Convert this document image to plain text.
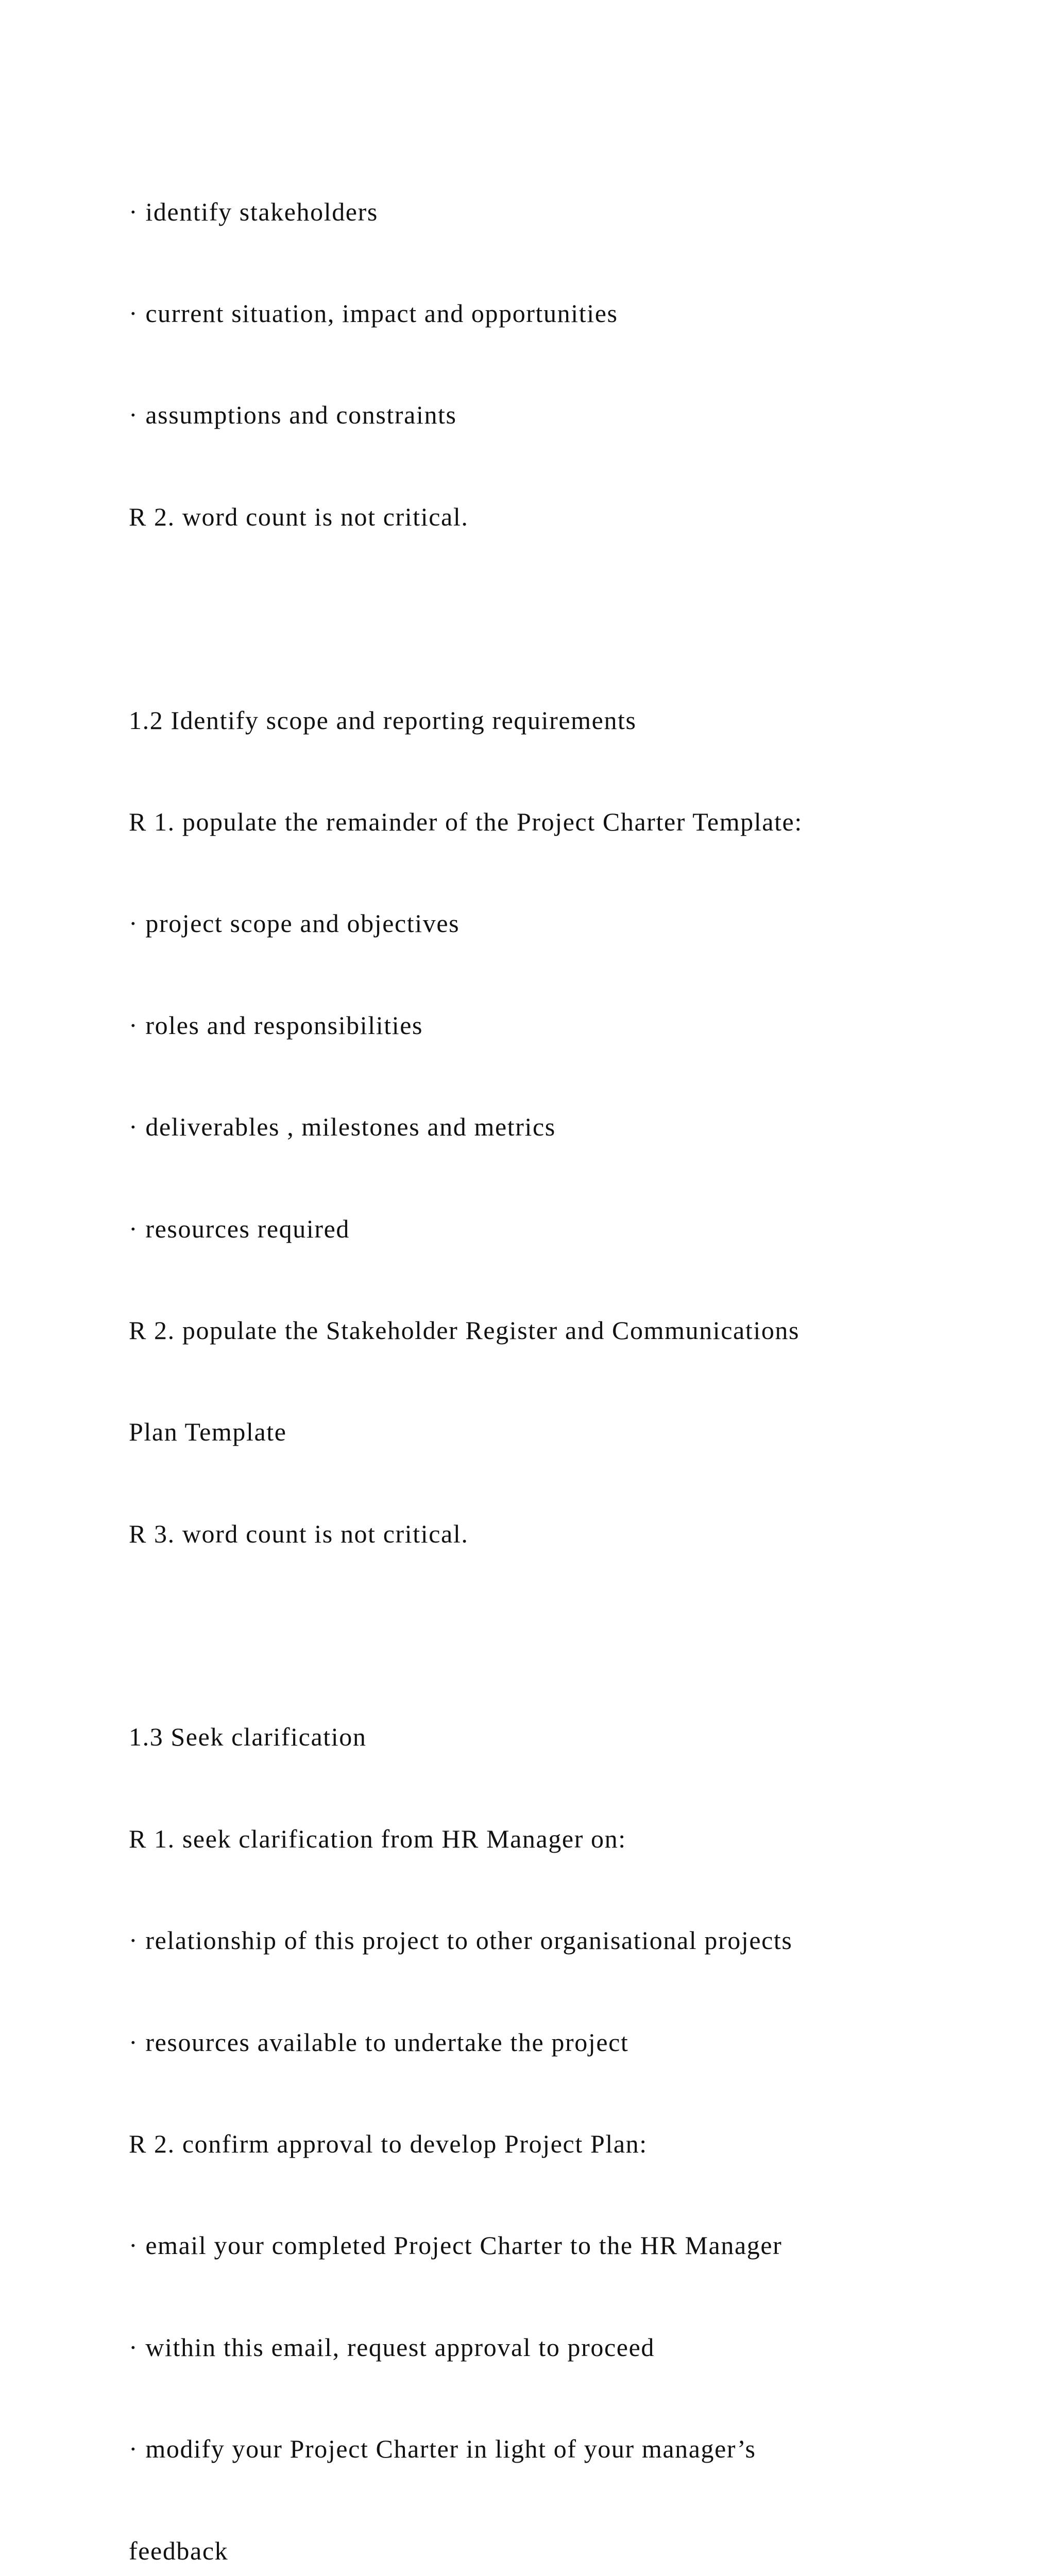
· identify stakeholders

· current situation, impact and opportunities

· assumptions and constraints

R 2. word count is not critical.

1.2 Identify scope and reporting requirements

R 1. populate the remainder of the Project Charter Template:

· project scope and objectives

· roles and responsibilities

· deliverables , milestones and metrics

· resources required

R 2. populate the Stakeholder Register and Communications

Plan Template

R 3. word count is not critical.

1.3 Seek clarification

R 1. seek clarification from HR Manager on:

· relationship of this project to other organisational projects

· resources available to undertake the project

R 2. confirm approval to develop Project Plan:

· email your completed Project Charter to the HR Manager

· within this email, request approval to proceed

· modify your Project Charter in light of your manager’s

feedback
